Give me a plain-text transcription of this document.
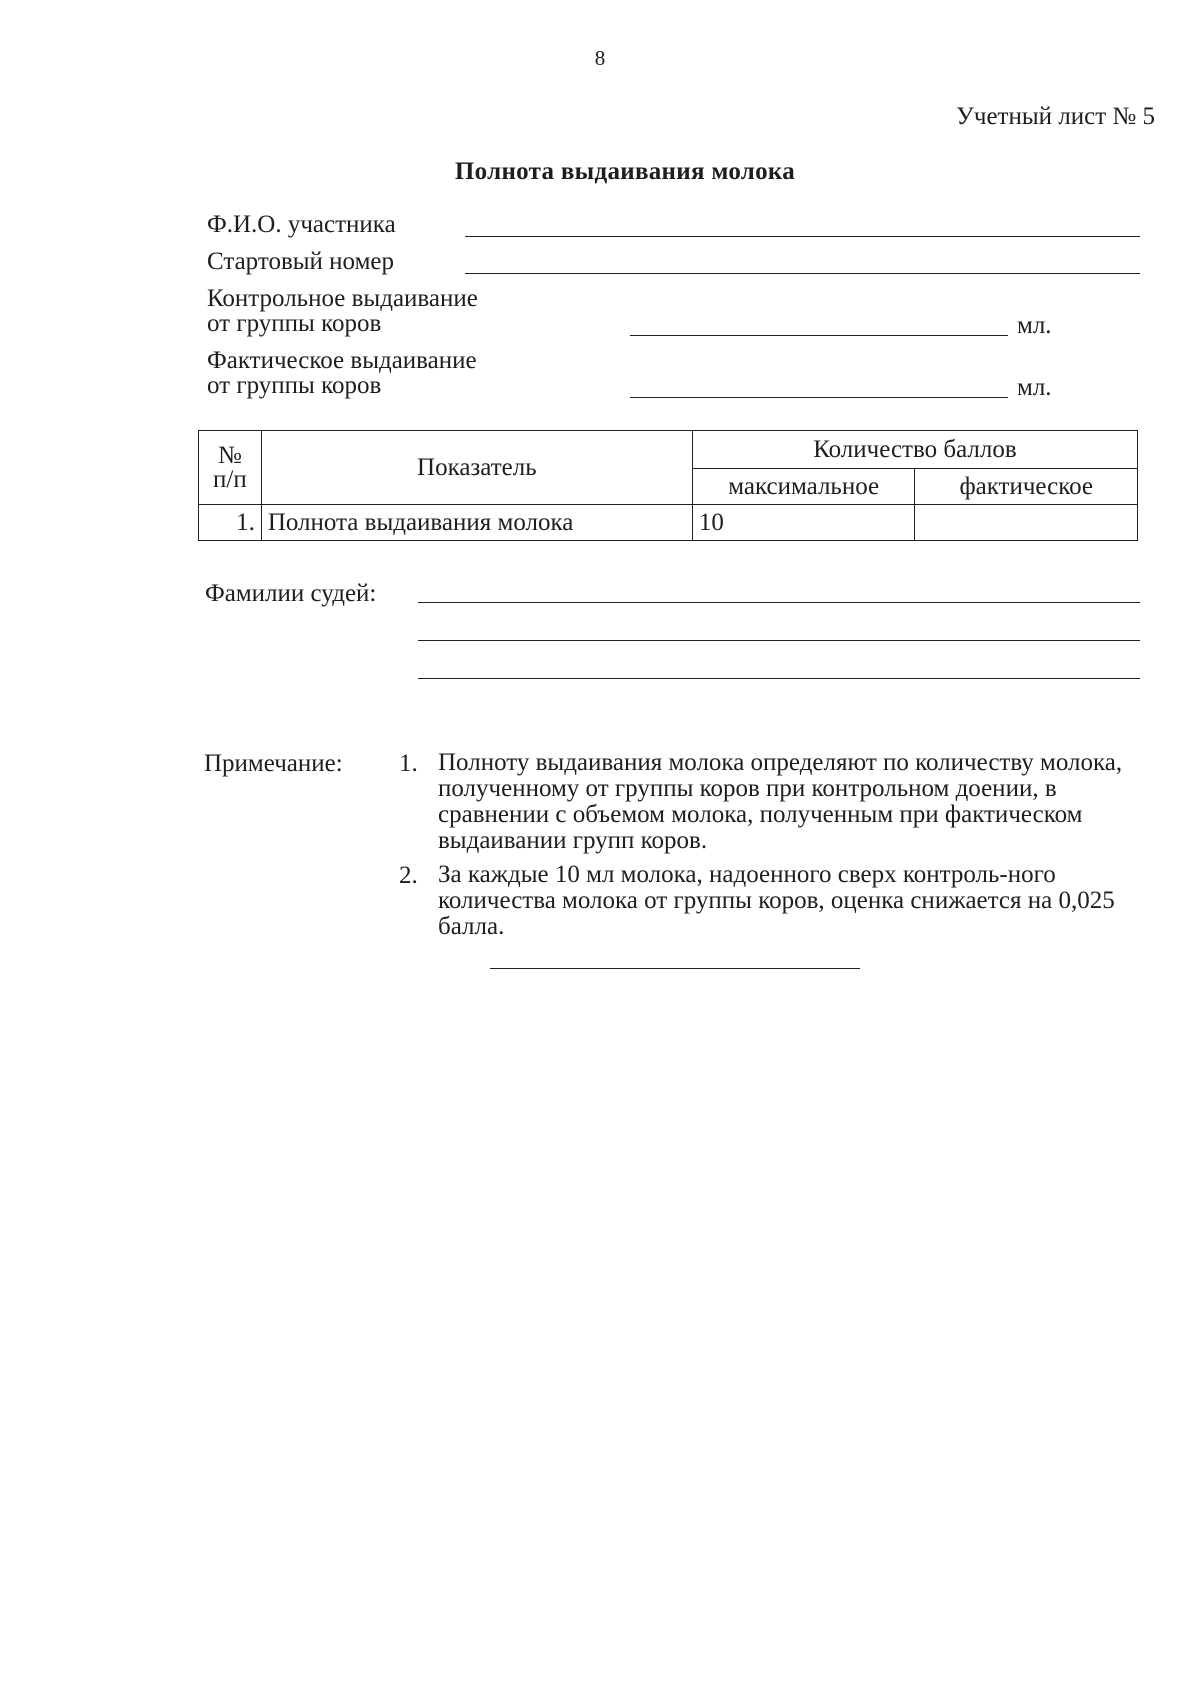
8
Учетный лист № 5
Полнота выдаивания молока
Ф.И.О. участника
Стартовый номер
Контрольное выдаивание
от группы коров	мл.
Фактическое выдаивание
от группы коров	мл.
№ п/п	Показатель	Количество баллов	
		максимальное	фактическое
1.	Полнота выдаивания молока	10	
Фамилии судей:
Примечание: 1. Полноту выдаивания молока определяют по количеству молока, полученному от группы коров при контрольном доении, в сравнении с объемом молока, полученным при фактическом выдаивании групп коров.
2. За каждые 10 мл молока, надоенного сверх контроль-ного количества молока от группы коров, оценка снижается на 0,025 балла.
